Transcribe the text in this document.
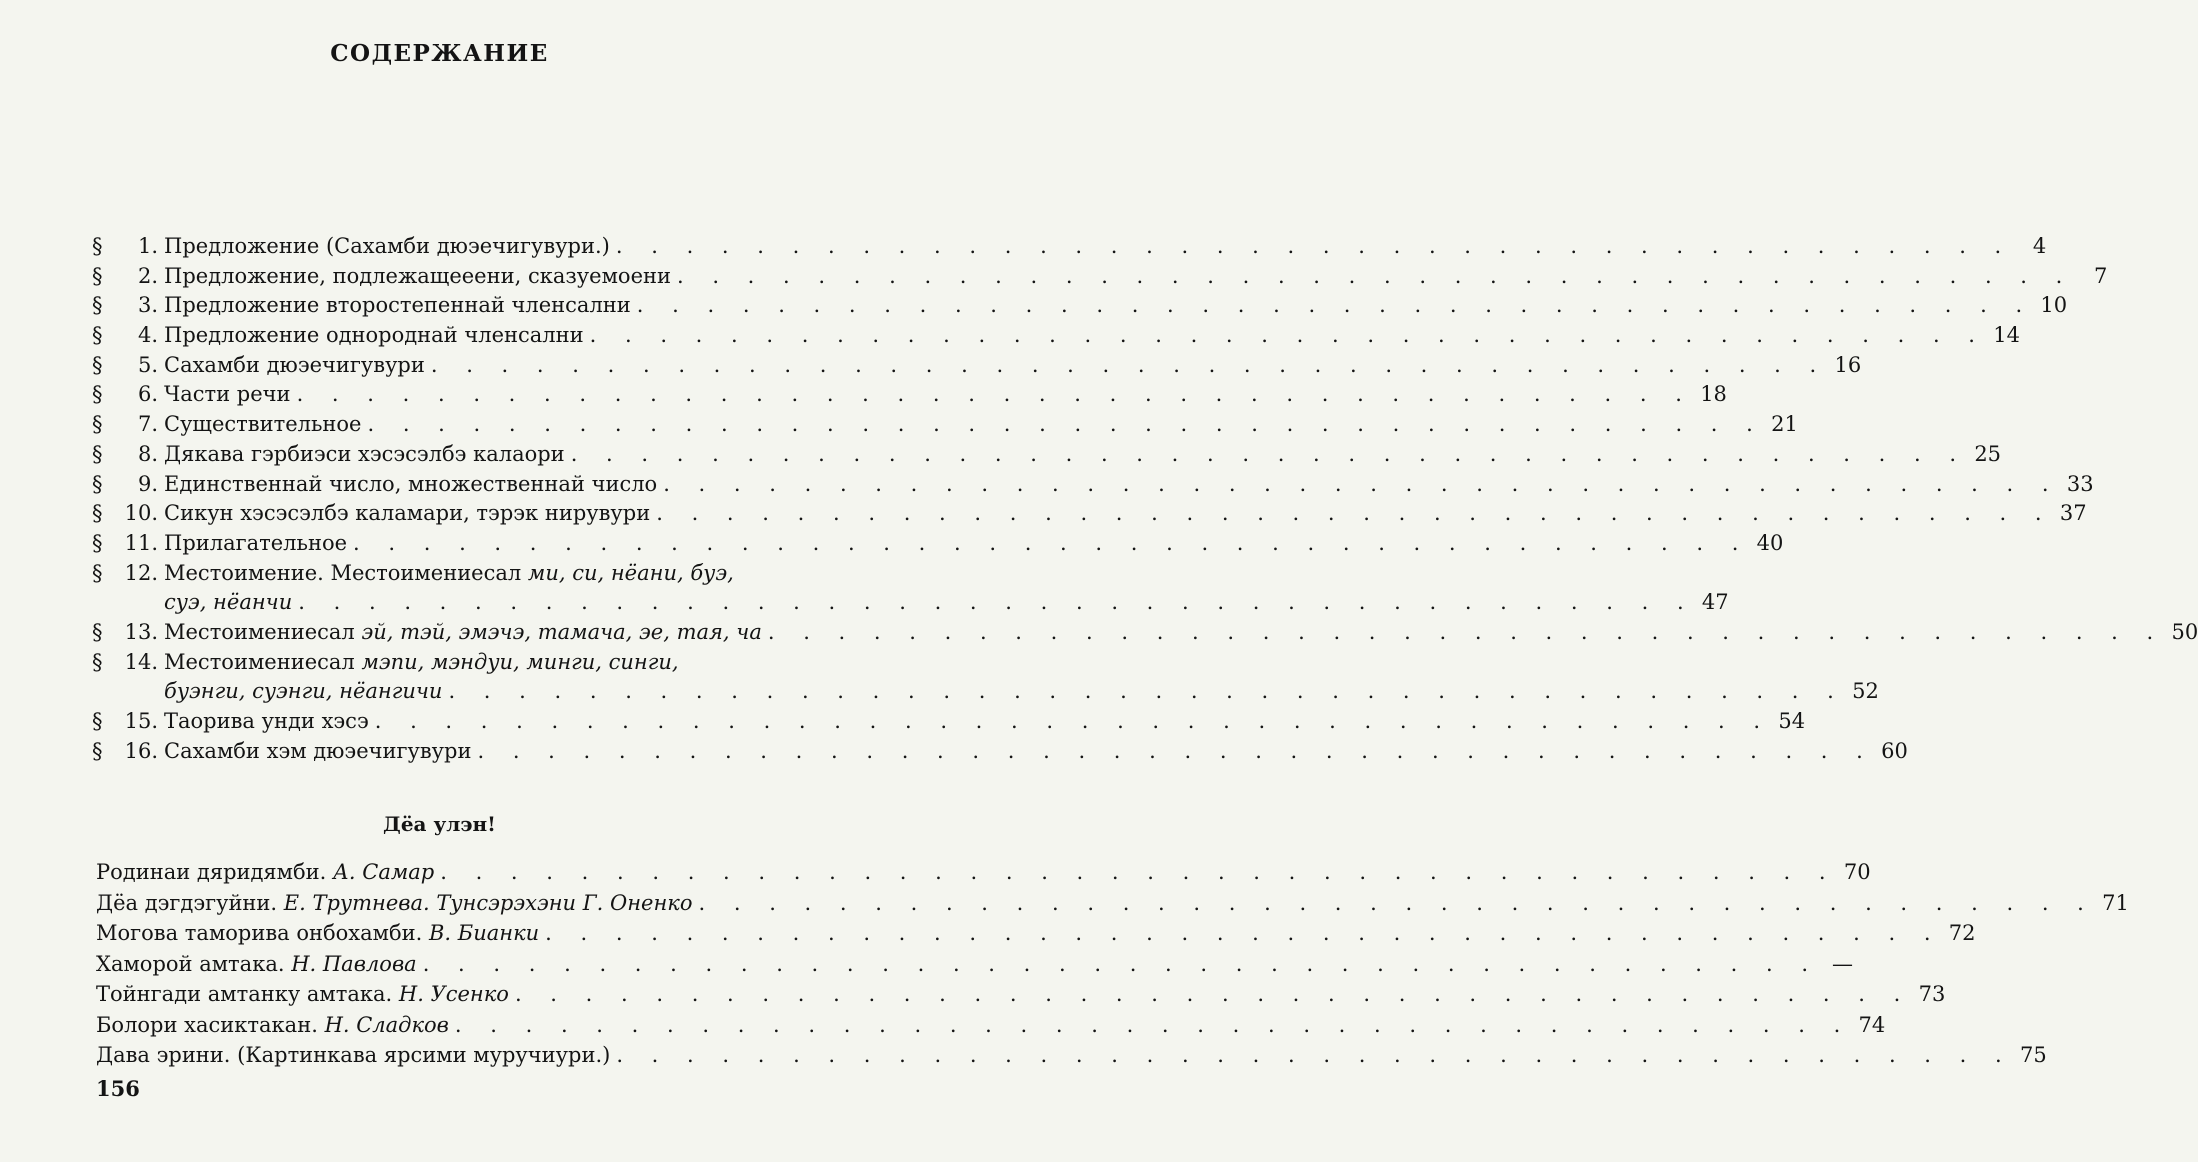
СОДЕРЖАНИЕ
§	1. Предложение (Сахамби дюэечигувури.) . . . . . . . . . . . . . . . . . . . . . . . . . . . . . . . . . . . . . . . . 4
§	2. Предложение, подлежащееени, сказуемоени . . . . . . . . . . . . . . . . . . . . . . . . . . . . . . . . . . . . . . . . 7
§	3. Предложение второстепеннай членсални . . . . . . . . . . . . . . . . . . . . . . . . . . . . . . . . . . . . . . . . 10
§	4. Предложение однороднай членсални . . . . . . . . . . . . . . . . . . . . . . . . . . . . . . . . . . . . . . . . 14
§	5. Сахамби дюэечигувури . . . . . . . . . . . . . . . . . . . . . . . . . . . . . . . . . . . . . . . . 16
§	6. Части речи . . . . . . . . . . . . . . . . . . . . . . . . . . . . . . . . . . . . . . . . 18
§	7. Существительное . . . . . . . . . . . . . . . . . . . . . . . . . . . . . . . . . . . . . . . . 21
§	8. Дякава гэрбиэси хэсэсэлбэ калаори . . . . . . . . . . . . . . . . . . . . . . . . . . . . . . . . . . . . . . . . 25
§	9. Единственнай число, множественнай число . . . . . . . . . . . . . . . . . . . . . . . . . . . . . . . . . . . . . . . . 33
§	10. Сикун хэсэсэлбэ каламари, тэрэк нирувури . . . . . . . . . . . . . . . . . . . . . . . . . . . . . . . . . . . . . . . . 37
§	11. Прилагательное . . . . . . . . . . . . . . . . . . . . . . . . . . . . . . . . . . . . . . . . 40
§	12. Местоимение. Местоимениесал ми, си, нёани, буэ,
суэ, нёанчи . . . . . . . . . . . . . . . . . . . . . . . . . . . . . . . . . . . . . . . . 47
§	13. Местоимениесал эй, тэй, эмэчэ, тамача, эе, тая, ча . . . . . . . . . . . . . . . . . . . . . . . . . . . . . . . . . . . . . . . . 50
§	14. Местоимениесал мэпи, мэндуи, минги, синги,
буэнги, суэнги, нёангичи . . . . . . . . . . . . . . . . . . . . . . . . . . . . . . . . . . . . . . . . 52
§	15. Таорива унди хэсэ . . . . . . . . . . . . . . . . . . . . . . . . . . . . . . . . . . . . . . . . 54
§	16. Сахамби хэм дюэечигувури . . . . . . . . . . . . . . . . . . . . . . . . . . . . . . . . . . . . . . . . 60
Дёа улэн!
Родинаи дяридямби. А. Самар . . . . . . . . . . . . . . . . . . . . . . . . . . . . . . . . . . . . . . . . 70
Дёа дэгдэгуйни. Е. Трутнева. Тунсэрэхэни Г. Оненко . . . . . . . . . . . . . . . . . . . . . . . . . . . . . . . . . . . . . . . . 71
Могова таморива онбохамби. В. Бианки . . . . . . . . . . . . . . . . . . . . . . . . . . . . . . . . . . . . . . . . 72
Хаморой амтака. Н. Павлова . . . . . . . . . . . . . . . . . . . . . . . . . . . . . . . . . . . . . . . . —
Тойнгади амтанку амтака. Н. Усенко . . . . . . . . . . . . . . . . . . . . . . . . . . . . . . . . . . . . . . . . 73
Болори хасиктакан. Н. Сладков . . . . . . . . . . . . . . . . . . . . . . . . . . . . . . . . . . . . . . . . 74
Дава эрини. (Картинкава ярсими муручиури.) . . . . . . . . . . . . . . . . . . . . . . . . . . . . . . . . . . . . . . . . 75
156
